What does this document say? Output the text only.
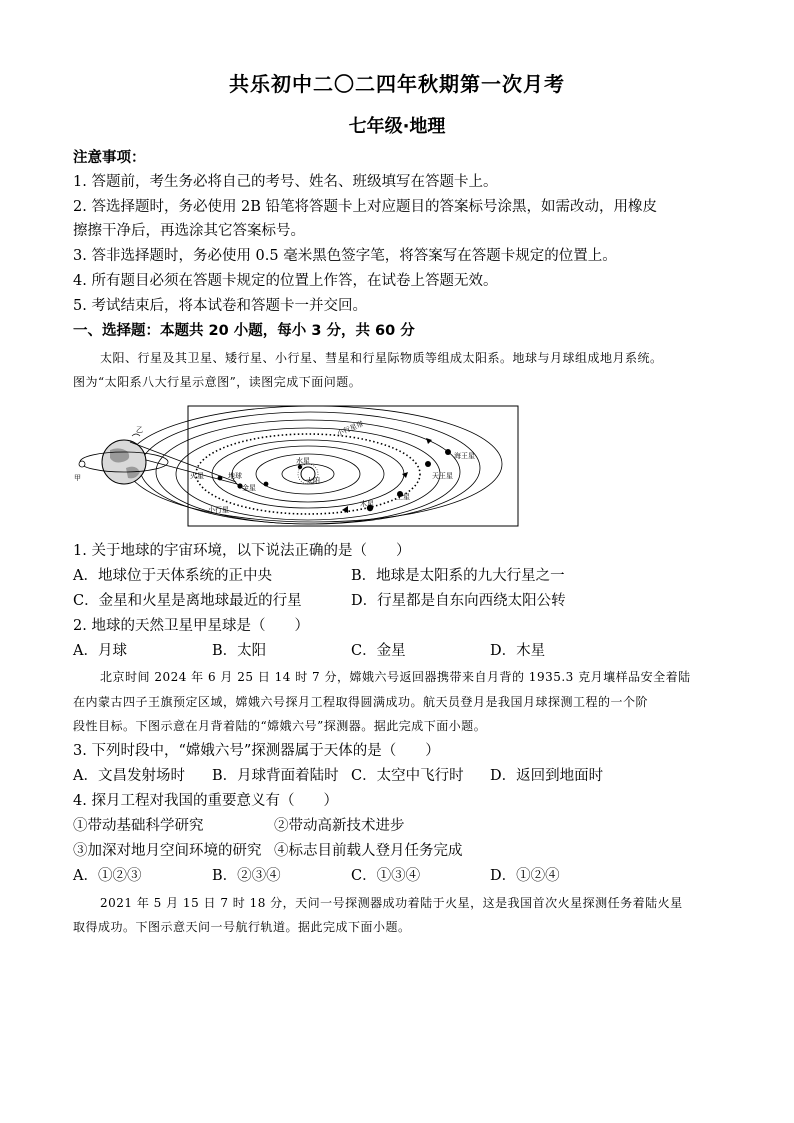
共乐初中二〇二四年秋期第一次月考
七年级·地理
注意事项：
1. 答题前，考生务必将自己的考号、姓名、班级填写在答题卡上。
2. 答选择题时，务必使用 2B 铅笔将答题卡上对应题目的答案标号涂黑，如需改动，用橡皮
擦擦干净后，再选涂其它答案标号。
3. 答非选择题时，务必使用 0.5 毫米黑色签字笔，将答案写在答题卡规定的位置上。
4. 所有题目必须在答题卡规定的位置上作答，在试卷上答题无效。
5. 考试结束后，将本试卷和答题卡一并交回。
一、选择题：本题共 20 小题，每小 3 分，共 60 分
太阳、行星及其卫星、矮行星、小行星、彗星和行星际物质等组成太阳系。地球与月球组成地月系统。
图为“太阳系八大行星示意图”，读图完成下面问题。
水星
太阳
金星
地球
火星
小行星
木星
土星
天王星
海王星
小行星带
甲
乙
1. 关于地球的宇宙环境，以下说法正确的是（　　）
A．地球位于天体系统的正中央	B．地球是太阳系的九大行星之一
C．金星和火星是离地球最近的行星	D．行星都是自东向西绕太阳公转
2. 地球的天然卫星甲星球是（　　）
A．月球	B．太阳	C．金星	D．木星
北京时间 2024 年 6 月 25 日 14 时 7 分，嫦娥六号返回器携带来自月背的 1935.3 克月壤样品安全着陆
在内蒙古四子王旗预定区域，嫦娥六号探月工程取得圆满成功。航天员登月是我国月球探测工程的一个阶
段性目标。下图示意在月背着陆的“嫦娥六号”探测器。据此完成下面小题。
3. 下列时段中，“嫦娥六号”探测器属于天体的是（　　）
A．文昌发射场时 B．月球背面着陆时 C．太空中飞行时 D．返回到地面时
4. 探月工程对我国的重要意义有（　　）
①带动基础科学研究	②带动高新技术进步
③加深对地月空间环境的研究 ④标志目前载人登月任务完成
A．①②③	B．②③④	C．①③④	D．①②④
2021 年 5 月 15 日 7 时 18 分，天问一号探测器成功着陆于火星，这是我国首次火星探测任务着陆火星
取得成功。下图示意天问一号航行轨道。据此完成下面小题。
